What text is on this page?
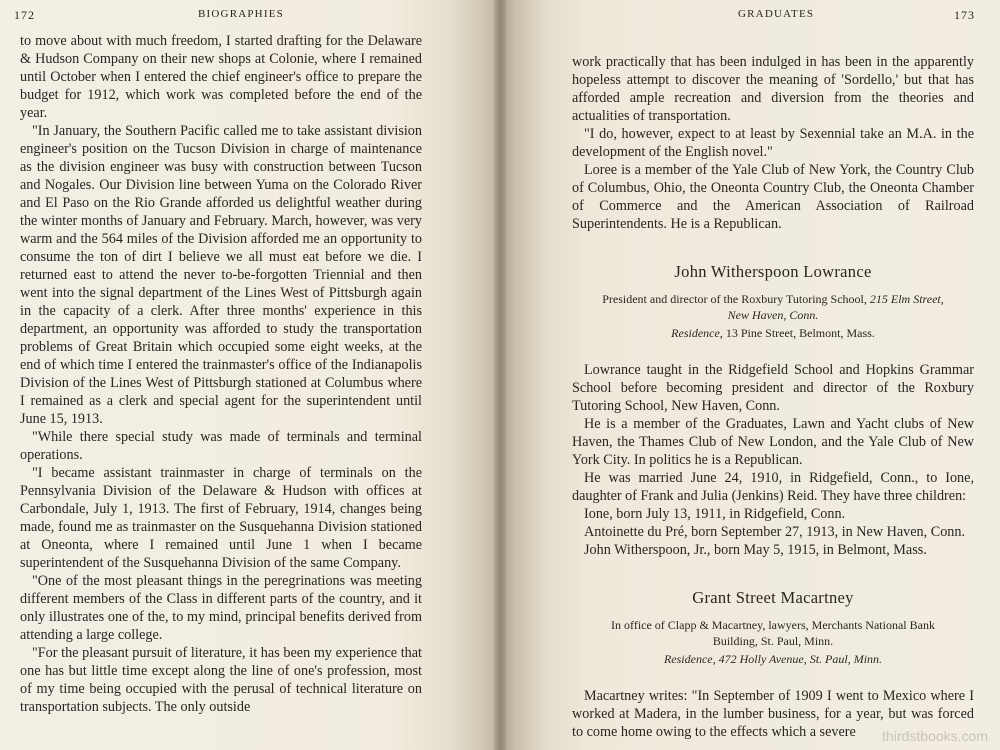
172	BIOGRAPHIES

to move about with much freedom, I started drafting for the Delaware & Hudson Company on their new shops at Colonie, where I remained until October when I entered the chief engineer's office to prepare the budget for 1912, which work was completed before the end of the year.

"In January, the Southern Pacific called me to take assistant division engineer's position on the Tucson Division in charge of maintenance as the division engineer was busy with construction between Tucson and Nogales. Our Division line between Yuma on the Colorado River and El Paso on the Rio Grande afforded us delightful weather during the winter months of January and February. March, however, was very warm and the 564 miles of the Division afforded me an opportunity to consume the ton of dirt I believe we all must eat before we die. I returned east to attend the never to-be-forgotten Triennial and then went into the signal department of the Lines West of Pittsburgh again in the capacity of a clerk. After three months' experience in this department, an opportunity was afforded to study the transportation problems of Great Britain which occupied some eight weeks, at the end of which time I entered the trainmaster's office of the Indianapolis Division of the Lines West of Pittsburgh stationed at Columbus where I remained as a clerk and special agent for the superintendent until June 15, 1913.

"While there special study was made of terminals and terminal operations.

"I became assistant trainmaster in charge of terminals on the Pennsylvania Division of the Delaware & Hudson with offices at Carbondale, July 1, 1913. The first of February, 1914, changes being made, found me as trainmaster on the Susquehanna Division stationed at Oneonta, where I remained until June 1 when I became superintendent of the Susquehanna Division of the same Company.

"One of the most pleasant things in the peregrinations was meeting different members of the Class in different parts of the country, and it only illustrates one of the, to my mind, principal benefits derived from attending a large college.

"For the pleasant pursuit of literature, it has been my experience that one has but little time except along the line of one's profession, most of my time being occupied with the perusal of technical literature on transportation subjects. The only outside

GRADUATES	173

work practically that has been indulged in has been in the apparently hopeless attempt to discover the meaning of 'Sordello,' but that has afforded ample recreation and diversion from the theories and actualities of transportation.

"I do, however, expect to at least by Sexennial take an M.A. in the development of the English novel."

Loree is a member of the Yale Club of New York, the Country Club of Columbus, Ohio, the Oneonta Country Club, the Oneonta Chamber of Commerce and the American Association of Railroad Superintendents. He is a Republican.

John Witherspoon Lowrance
President and director of the Roxbury Tutoring School, 215 Elm Street, New Haven, Conn.
Residence, 13 Pine Street, Belmont, Mass.

Lowrance taught in the Ridgefield School and Hopkins Grammar School before becoming president and director of the Roxbury Tutoring School, New Haven, Conn.

He is a member of the Graduates, Lawn and Yacht clubs of New Haven, the Thames Club of New London, and the Yale Club of New York City. In politics he is a Republican.

He was married June 24, 1910, in Ridgefield, Conn., to Ione, daughter of Frank and Julia (Jenkins) Reid. They have three children:

Ione, born July 13, 1911, in Ridgefield, Conn.

Antoinette du Pré, born September 27, 1913, in New Haven, Conn.

John Witherspoon, Jr., born May 5, 1915, in Belmont, Mass.

Grant Street Macartney
In office of Clapp & Macartney, lawyers, Merchants National Bank Building, St. Paul, Minn.
Residence, 472 Holly Avenue, St. Paul, Minn.

Macartney writes: "In September of 1909 I went to Mexico where I worked at Madera, in the lumber business, for a year, but was forced to come home owing to the effects which a severe	thirdstbooks.com
